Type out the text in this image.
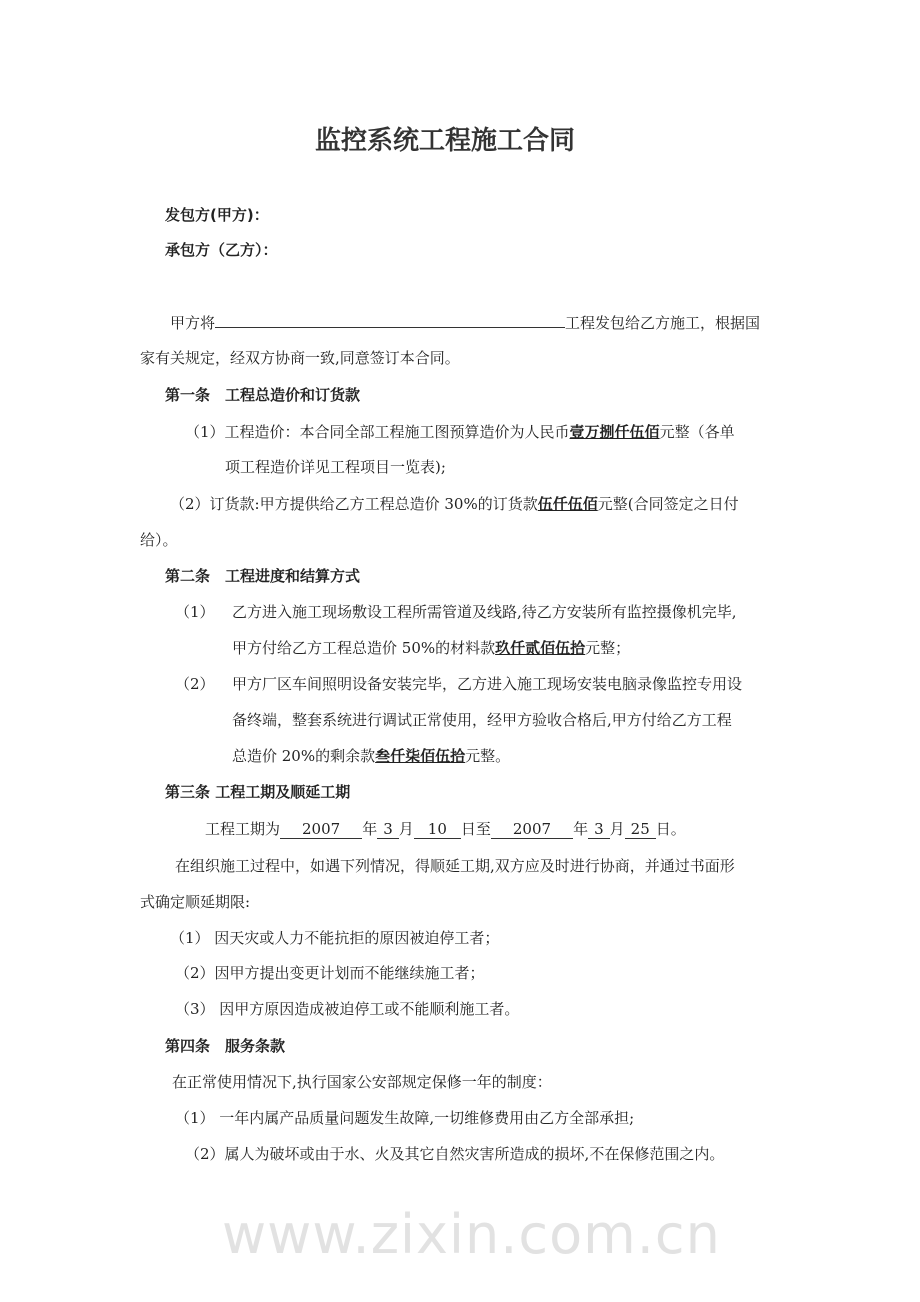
监控系统工程施工合同
发包方(甲方)：
承包方（乙方）：
甲方将	工程发包给乙方施工，根据国
家有关规定，经双方协商一致,同意签订本合同。
第一条　工程总造价和订货款
（1）工程造价：本合同全部工程施工图预算造价为人民币壹万捌仟伍佰元整（各单
项工程造价详见工程项目一览表);
（2）订货款:甲方提供给乙方工程总造价 30%的订货款伍仟伍佰元整(合同签定之日付
给）。
第二条　工程进度和结算方式
（1） 乙方进入施工现场敷设工程所需管道及线路,待乙方安装所有监控摄像机完毕,
甲方付给乙方工程总造价 50%的材料款玖仟贰佰伍拾元整；
（2） 甲方厂区车间照明设备安装完毕，乙方进入施工现场安装电脑录像监控专用设
备终端，整套系统进行调试正常使用，经甲方验收合格后,甲方付给乙方工程
总造价 20%的剩余款叁仟柒佰伍拾元整。
第三条 工程工期及顺延工期
工程工期为 2007 年 3 月 10 日至 2007 年 3 月 25 日。
在组织施工过程中，如遇下列情况，得顺延工期,双方应及时进行协商，并通过书面形
式确定顺延期限:
（1） 因天灾或人力不能抗拒的原因被迫停工者；
（2）因甲方提出变更计划而不能继续施工者；
（3） 因甲方原因造成被迫停工或不能顺利施工者。
第四条　服务条款
在正常使用情况下,执行国家公安部规定保修一年的制度：
（1） 一年内属产品质量问题发生故障,一切维修费用由乙方全部承担;
（2）属人为破坏或由于水、火及其它自然灾害所造成的损坏,不在保修范围之内。
www.zixin.com.cn
